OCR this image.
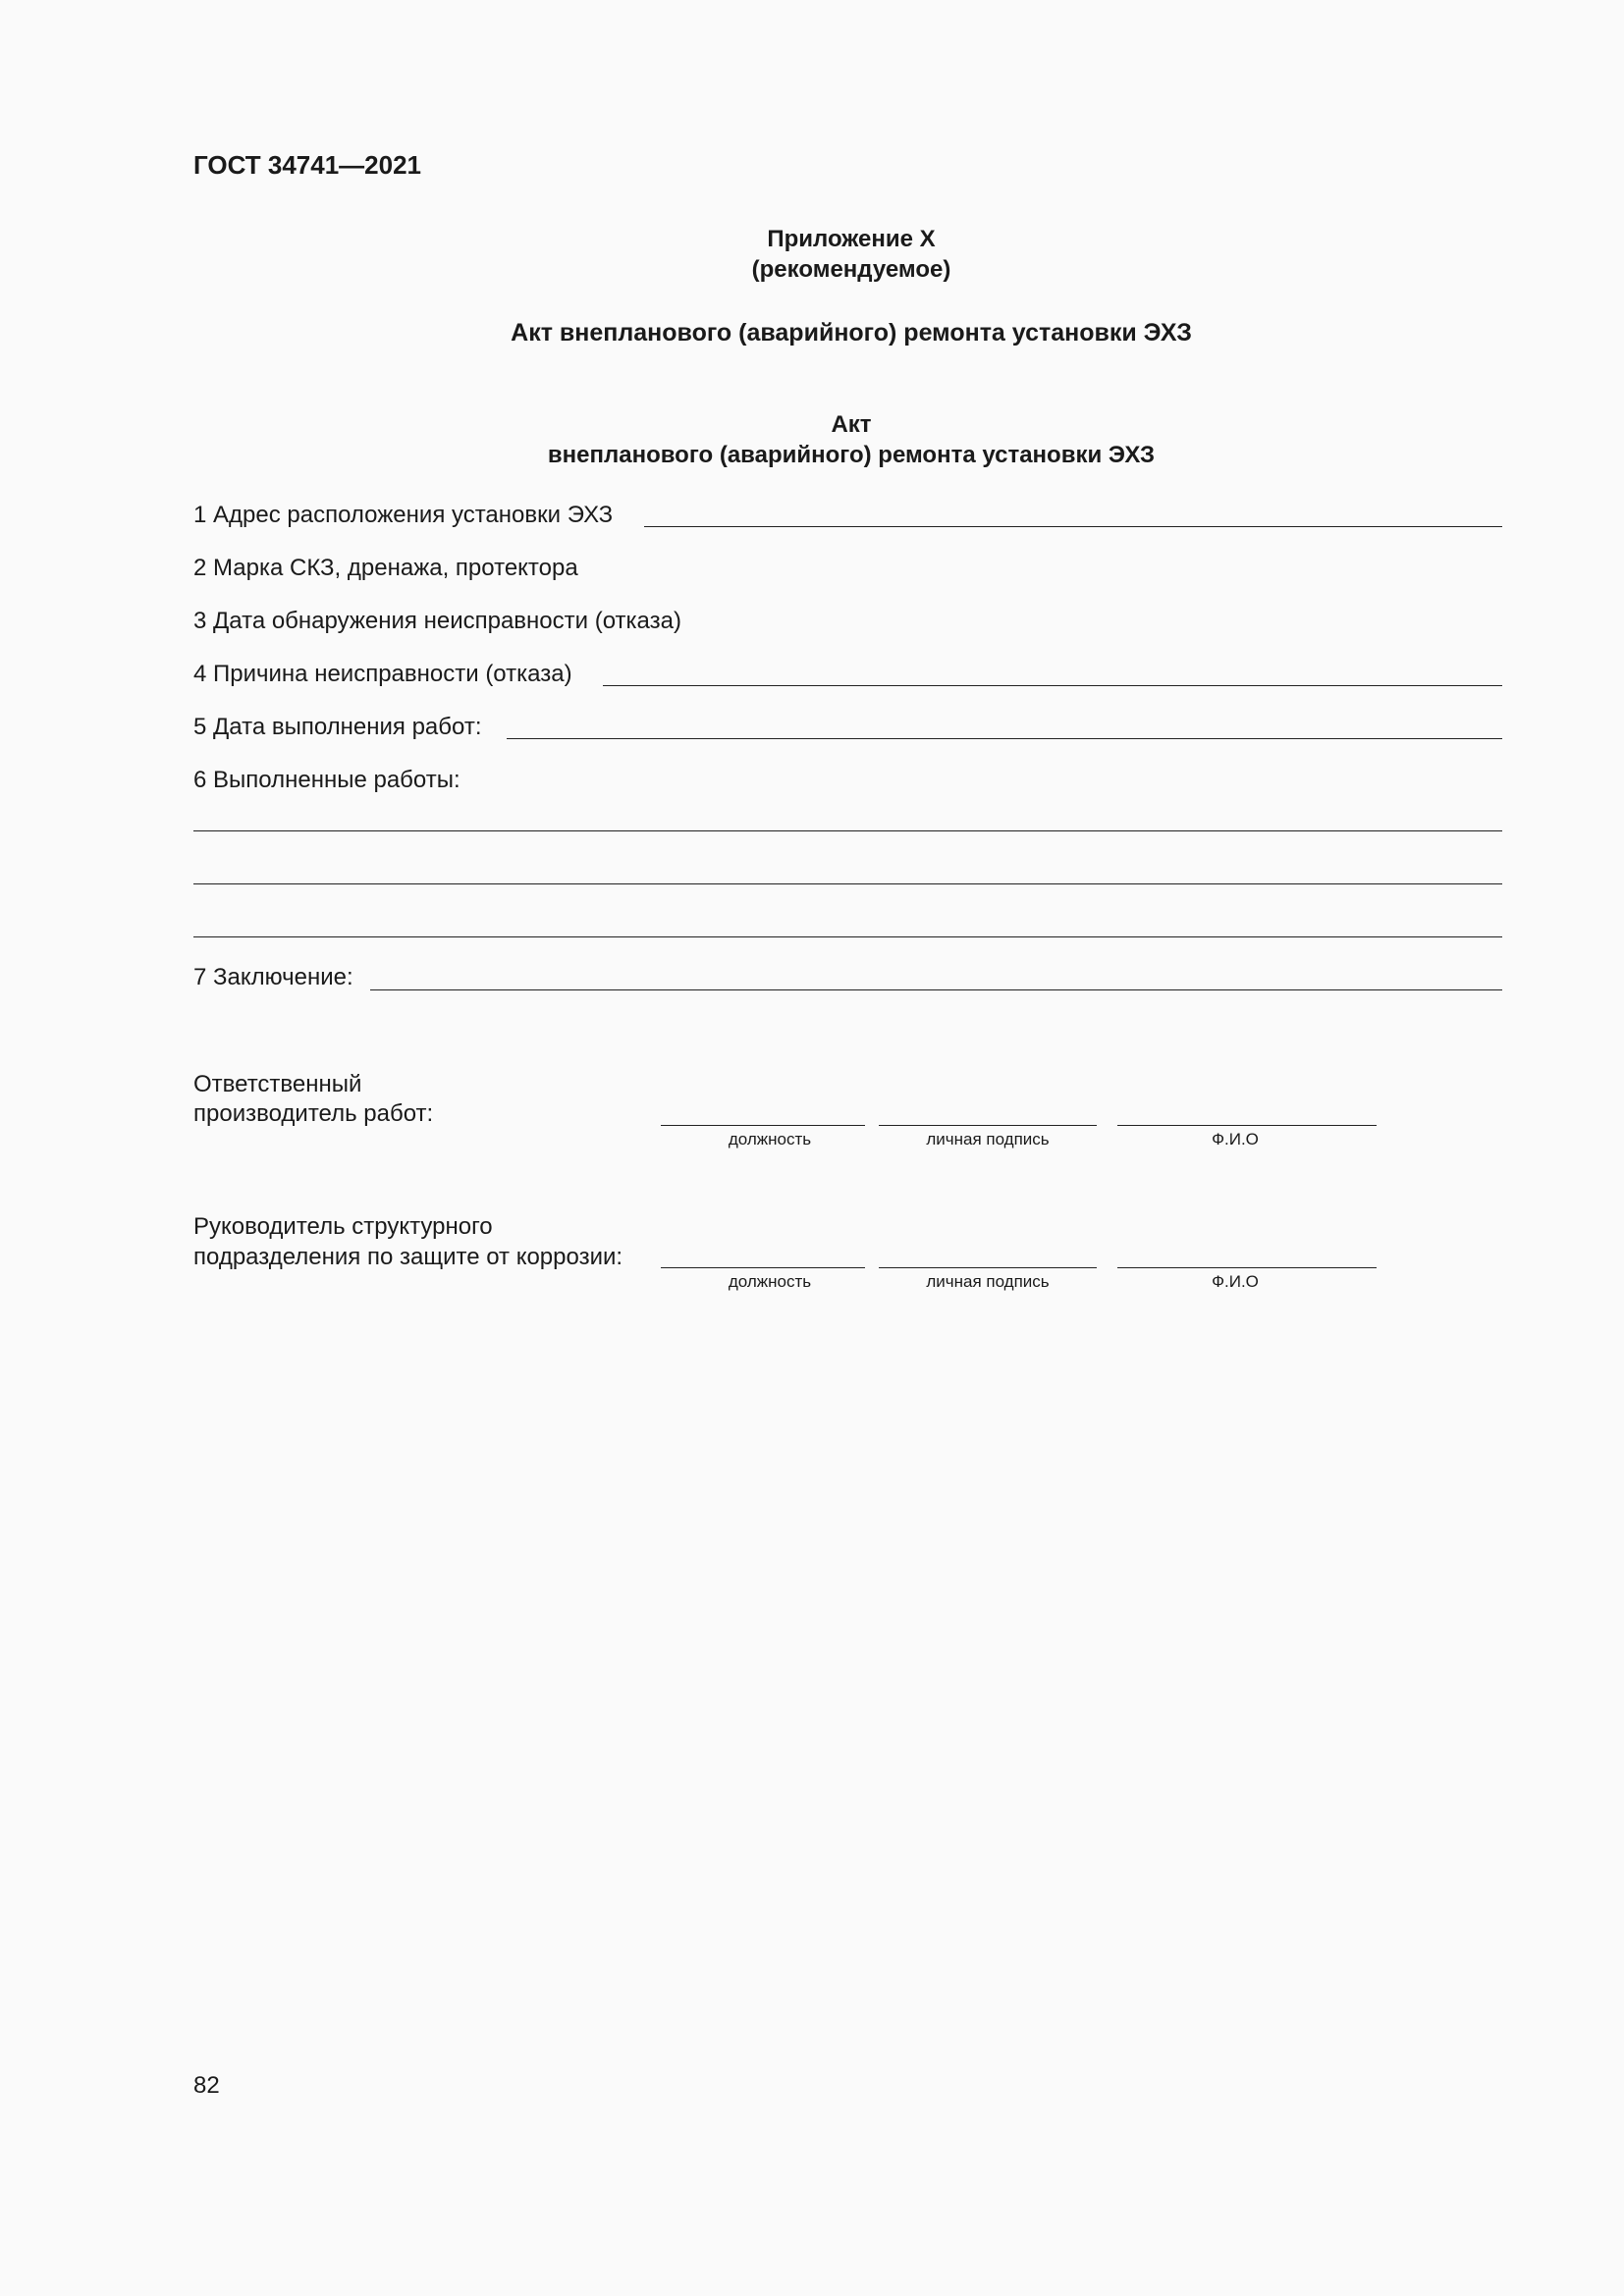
ГОСТ 34741—2021
Приложение Х
(рекомендуемое)
Акт внепланового (аварийного) ремонта установки ЭХЗ
Акт
внепланового (аварийного) ремонта установки ЭХЗ
1 Адрес расположения установки ЭХЗ
2 Марка СКЗ, дренажа, протектора
3 Дата обнаружения неисправности (отказа)
4 Причина неисправности (отказа)
5 Дата выполнения работ:
6 Выполненные работы:
7 Заключение:
Ответственный
производитель работ:
должность	личная подпись	Ф.И.О
Руководитель структурного
подразделения по защите от коррозии:
должность	личная подпись	Ф.И.О
82
